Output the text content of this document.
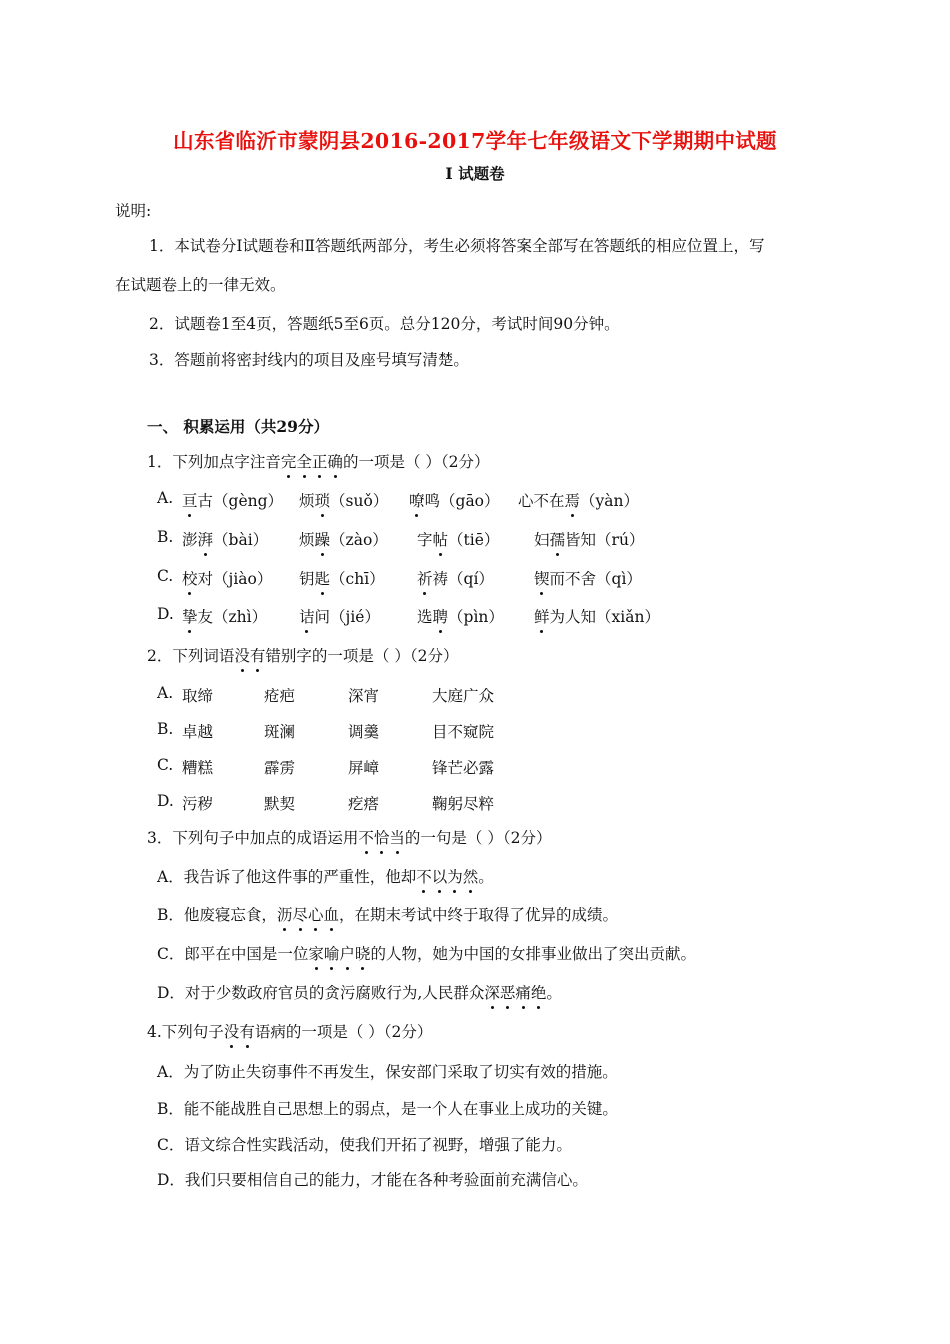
山东省临沂市蒙阴县2016-2017学年七年级语文下学期期中试题
Ⅰ 试题卷
说明:
1．本试卷分Ⅰ试题卷和Ⅱ答题纸两部分，考生必须将答案全部写在答题纸的相应位置上，写
在试题卷上的一律无效。
2．试题卷1至4页，答题纸5至6页。总分120分，考试时间90分钟。
3．答题前将密封线内的项目及座号填写清楚。
一、 积累运用（共29分）
1．下列加点字注音完全正确的一项是（ ）（2分）
A. 亘古（gèng） 烦琐（suǒ） 嘹鸣（gāo） 心不在焉（yàn）
B. 澎湃（bài） 烦躁（zào） 字帖（tiē） 妇孺皆知（rú）
C. 校对（jiào） 钥匙（chī） 祈祷（qí）	锲而不舍（qì）
D. 挚友（zhì） 诘问（jié） 选聘（pìn） 鲜为人知（xiǎn）
2．下列词语没有错别字的一项是（ ）（2分）
A. 取缔	疮疤	深宵	大庭广众
B. 卓越	斑澜	调羹	目不窥院
C. 糟糕	霹雳	屏嶂	锋芒必露
D. 污秽	默契	疙瘩	鞠躬尽粹
3．下列句子中加点的成语运用不恰当的一句是（ ）（2分）
A．我告诉了他这件事的严重性，他却不以为然。
B．他废寝忘食，沥尽心血，在期末考试中终于取得了优异的成绩。
C．郎平在中国是一位家喻户晓的人物，她为中国的女排事业做出了突出贡献。
D．对于少数政府官员的贪污腐败行为,人民群众深恶痛绝。
4.下列句子没有语病的一项是（ ）（2分）
A．为了防止失窃事件不再发生，保安部门采取了切实有效的措施。
B．能不能战胜自己思想上的弱点，是一个人在事业上成功的关键。
C．语文综合性实践活动，使我们开拓了视野，增强了能力。
D．我们只要相信自己的能力，才能在各种考验面前充满信心。
